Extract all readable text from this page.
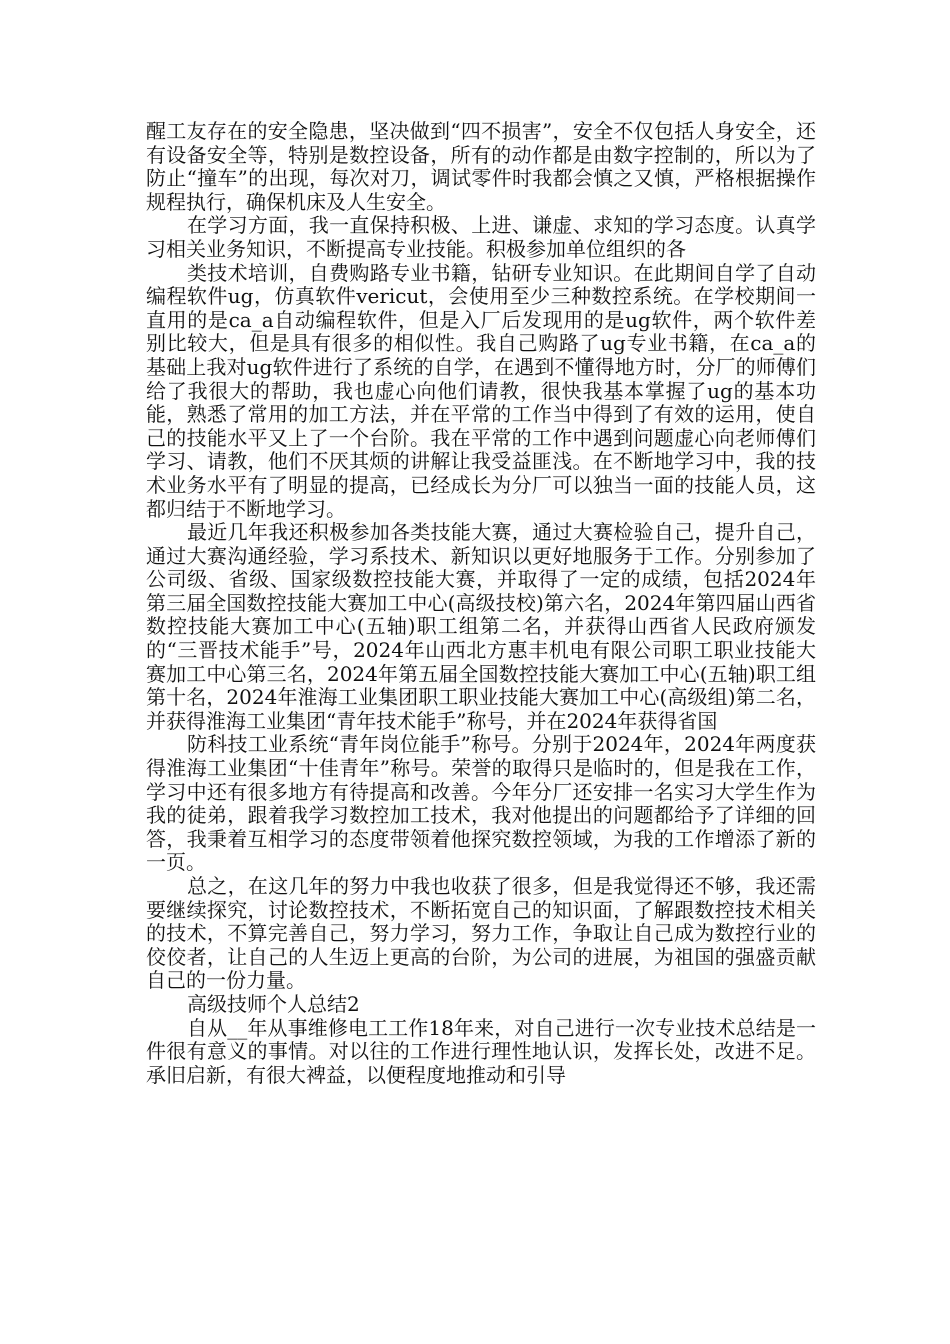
醒工友存在的安全隐患，坚决做到“四不损害”，安全不仅包括人身安全，还有设备安全等，特别是数控设备，所有的动作都是由数字控制的，所以为了防止“撞车”的出现，每次对刀，调试零件时我都会慎之又慎，严格根据操作规程执行，确保机床及人生安全。

在学习方面，我一直保持积极、上进、谦虚、求知的学习态度。认真学习相关业务知识，不断提高专业技能。积极参加单位组织的各

类技术培训，自费购路专业书籍，钻研专业知识。在此期间自学了自动编程软件ug，仿真软件vericut，会使用至少三种数控系统。在学校期间一直用的是ca_a自动编程软件，但是入厂后发现用的是ug软件，两个软件差别比较大，但是具有很多的相似性。我自己购路了ug专业书籍，在ca_a的基础上我对ug软件进行了系统的自学，在遇到不懂得地方时，分厂的师傅们给了我很大的帮助，我也虚心向他们请教，很快我基本掌握了ug的基本功能，熟悉了常用的加工方法，并在平常的工作当中得到了有效的运用，使自己的技能水平又上了一个台阶。我在平常的工作中遇到问题虚心向老师傅们学习、请教，他们不厌其烦的讲解让我受益匪浅。在不断地学习中，我的技术业务水平有了明显的提高，已经成长为分厂可以独当一面的技能人员，这都归结于不断地学习。

最近几年我还积极参加各类技能大赛，通过大赛检验自己，提升自己，通过大赛沟通经验，学习系技术、新知识以更好地服务于工作。分别参加了公司级、省级、国家级数控技能大赛，并取得了一定的成绩，包括2024年第三届全国数控技能大赛加工中心(高级技校)第六名，2024年第四届山西省数控技能大赛加工中心(五轴)职工组第二名，并获得山西省人民政府颁发的“三晋技术能手”号，2024年山西北方惠丰机电有限公司职工职业技能大赛加工中心第三名，2024年第五届全国数控技能大赛加工中心(五轴)职工组第十名，2024年淮海工业集团职工职业技能大赛加工中心(高级组)第二名，并获得淮海工业集团“青年技术能手”称号，并在2024年获得省国

防科技工业系统“青年岗位能手”称号。分别于2024年，2024年两度获得淮海工业集团“十佳青年”称号。荣誉的取得只是临时的，但是我在工作，学习中还有很多地方有待提高和改善。今年分厂还安排一名实习大学生作为我的徒弟，跟着我学习数控加工技术，我对他提出的问题都给予了详细的回答，我秉着互相学习的态度带领着他探究数控领域，为我的工作增添了新的一页。

总之，在这几年的努力中我也收获了很多，但是我觉得还不够，我还需要继续探究，讨论数控技术，不断拓宽自己的知识面，了解跟数控技术相关的技术，不算完善自己，努力学习，努力工作，争取让自己成为数控行业的佼佼者，让自己的人生迈上更高的台阶，为公司的进展，为祖国的强盛贡献自己的一份力量。

高级技师个人总结2

自从__年从事维修电工工作18年来，对自己进行一次专业技术总结是一件很有意义的事情。对以往的工作进行理性地认识，发挥长处，改进不足。承旧启新，有很大裨益，以便程度地推动和引导
